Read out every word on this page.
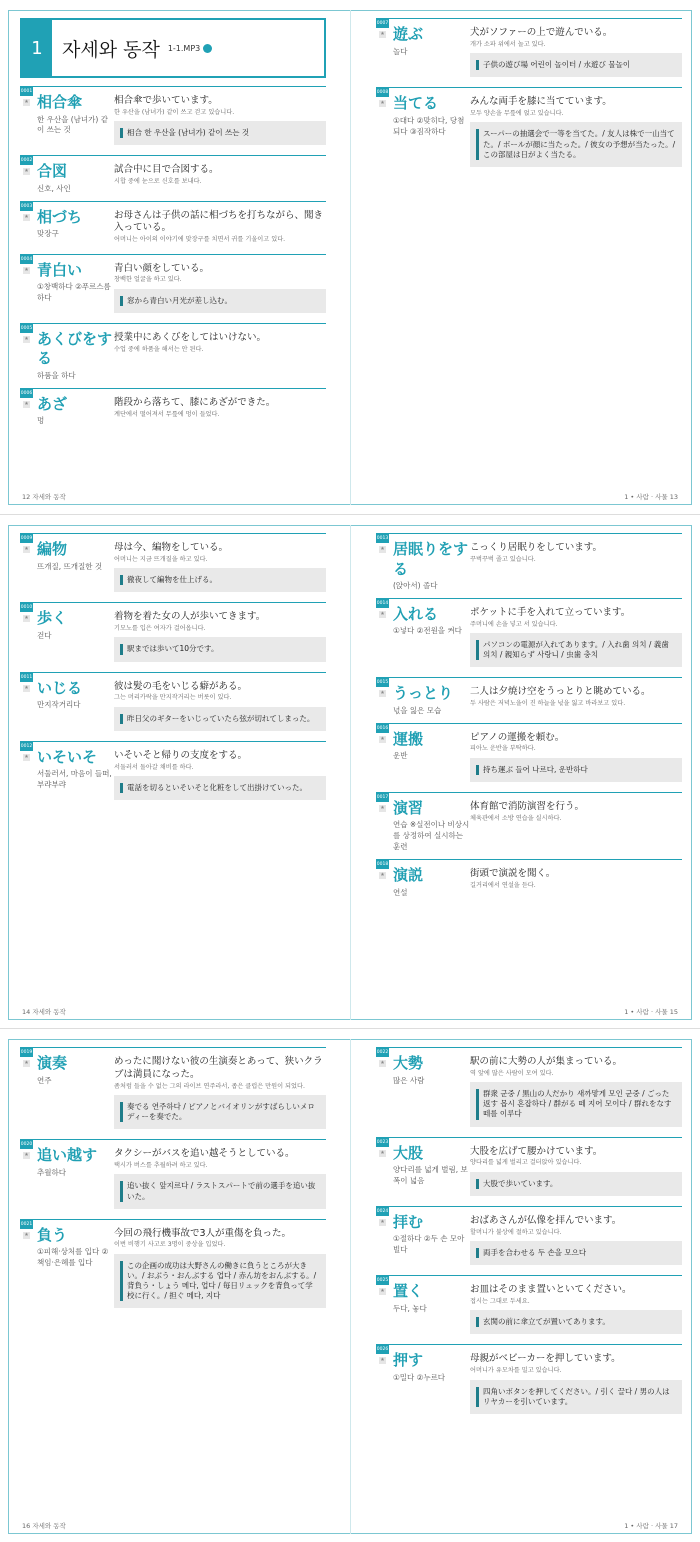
1	자세와 동작 1-1.MP3
0001
★ 相合傘
한 우산을 (남녀가) 같이 쓰는 것
相合傘で歩いています。
한 우산을 (남녀가) 같이 쓰고 걷고 있습니다.
相合 한 우산을 (남녀가) 같이 쓰는 것
0002
★ 合図
신호, 사인
試合中に目で合図する。
시합 중에 눈으로 신호를 보내다.
0003
★ 相づち
맞장구
お母さんは子供の話に相づちを打ちながら、聞き入っている。
어머니는 아이의 이야기에 맞장구를 치면서 귀를 기울이고 있다.
0004
★ 青白い
①창백하다 ②푸르스름하다
青白い顔をしている。
창백한 얼굴을 하고 있다.
窓から青白い月光が差し込む。
0005
★ あくびをする
하품을 하다
授業中にあくびをしてはいけない。
수업 중에 하품을 해서는 안 된다.
0006
★ あざ
멍
階段から落ちて、膝にあざができた。
계단에서 떨어져서 무릎에 멍이 들었다.
0007
★ 遊ぶ
놀다
犬がソファーの上で遊んでいる。
개가 소파 위에서 놀고 있다.
子供の遊び場 어린이 놀이터 / 水遊び 물놀이
0008
★ 当てる
①대다 ②맞히다, 당첨되다 ③짐작하다
みんな両手を膝に当てています。
모두 양손을 무릎에 얹고 있습니다.
スーパーの抽選会で一等を当てた。/ 友人は株で一山当てた。/ ボールが顔に当たった。/ 彼女の予想が当たった。/ この部屋は日がよく当たる。
12 자세와 동작	1 • 사람 · 사물 13
0009
★ 編物
뜨개질, 뜨개질한 것
母は今、編物をしている。
어머니는 지금 뜨개질을 하고 있다.
徹夜して編物を仕上げる。
0010
★ 歩く
걷다
着物を着た女の人が歩いてきます。
기모노를 입은 여자가 걸어옵니다.
駅までは歩いて10分です。
0011
★ いじる
만지작거리다
彼は髪の毛をいじる癖がある。
그는 머리카락을 만지작거리는 버릇이 있다.
昨日父のギターをいじっていたら弦が切れてしまった。
0012
★ いそいそ
서둘러서, 마음이 들떠, 부랴부랴
いそいそと帰りの支度をする。
서둘러서 돌아갈 채비를 하다.
電話を切るといそいそと化粧をして出掛けていった。
0013
★ 居眠りをする
(앉아서) 졸다
こっくり居眠りをしています。
꾸벅꾸벅 졸고 있습니다.
0014
★ 入れる
①넣다 ②전원을 켜다
ポケットに手を入れて立っています。
주머니에 손을 넣고 서 있습니다.
パソコンの電源が入れてあります。/ 入れ歯 의치 / 義歯 의치 / 親知らず 사랑니 / 虫歯 충치
0015
★ うっとり
넋을 잃은 모습
二人は夕焼け空をうっとりと眺めている。
두 사람은 저녁노을이 진 하늘을 넋을 잃고 바라보고 있다.
0016
★ 運搬
운반
ピアノの運搬を頼む。
피아노 운반을 부탁하다.
持ち運ぶ 들어 나르다, 운반하다
0017
★ 演習
연습 ※실전이나 비상시를 상정하여 실시하는 훈련
体育館で消防演習を行う。
체육관에서 소방 연습을 실시하다.
0018
★ 演説
연설
街頭で演説を聞く。
길거리에서 연설을 듣다.
14 자세와 동작	1 • 사람 · 사물 15
0019
★ 演奏
연주
めったに聞けない彼の生演奏とあって、狭いクラブは満員になった。
좀처럼 들을 수 없는 그의 라이브 연주라서, 좁은 클럽은 만원이 되었다.
奏でる 연주하다 / ピアノとバイオリンがすばらしいメロディーを奏でた。
0020
★ 追い越す
추월하다
タクシーがバスを追い越そうとしている。
택시가 버스를 추월하려 하고 있다.
追い抜く 앞지르다 / ラストスパートで前の選手を追い抜いた。
0021
★ 負う
①피해·상처를 입다 ②책임·은혜를 입다
今回の飛行機事故で3人が重傷を負った。
이번 비행기 사고로 3명이 중상을 입었다.
この企画の成功は大野さんの働きに負うところが大きい。/ おぶう・おんぶする 업다 / 赤ん坊をおんぶする。/ 背負う・しょう 메다, 업다 / 毎日リュックを背負って学校に行く。/ 担ぐ 메다, 지다
0022
★ 大勢
많은 사람
駅の前に大勢の人が集まっている。
역 앞에 많은 사람이 모여 있다.
群衆 군중 / 黒山の人だかり 새까맣게 모인 군중 / ごった返す 몹시 혼잡하다 / 群がる 떼 지어 모이다 / 群れをなす 떼를 이루다
0023
★ 大股
양다리를 넓게 벌림, 보폭이 넓음
大股を広げて腰かけています。
양다리를 넓게 벌리고 걸터앉아 있습니다.
大股で歩いています。
0024
★ 拝む
①절하다 ②두 손 모아 빌다
おばあさんが仏像を拝んでいます。
할머니가 불상에 절하고 있습니다.
両手を合わせる 두 손을 모으다
0025
★ 置く
두다, 놓다
お皿はそのまま置いといてください。
접시는 그대로 두세요.
玄関の前に傘立てが置いてあります。
0026
★ 押す
①밀다 ②누르다
母親がベビーカーを押しています。
어머니가 유모차를 밀고 있습니다.
四角いボタンを押してください。/ 引く 끌다 / 男の人はリヤカーを引いています。
16 자세와 동작	1 • 사람 · 사물 17
